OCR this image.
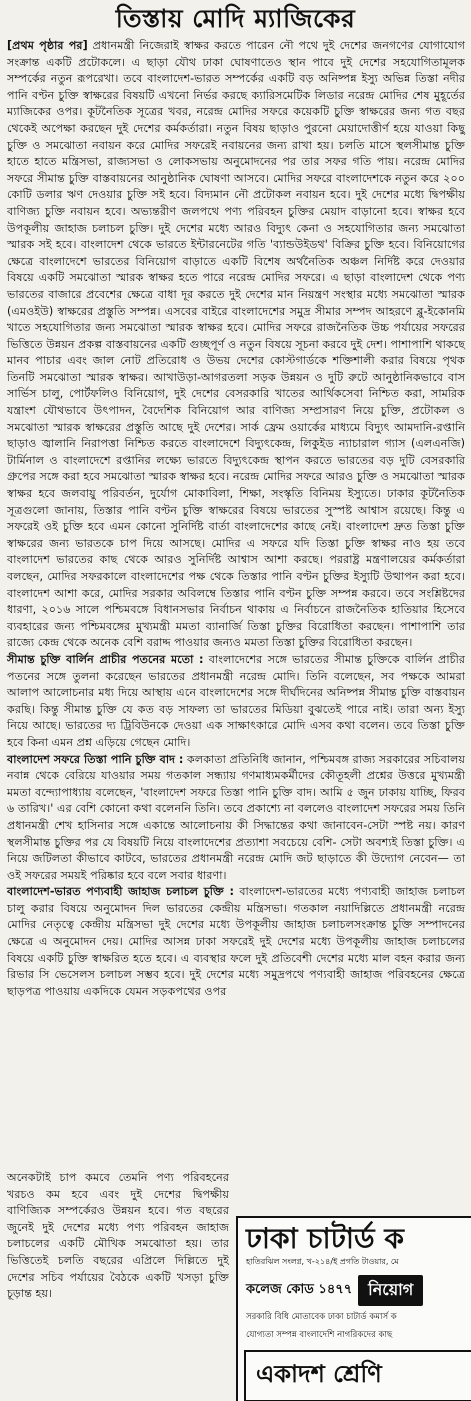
তিস্তায় মোদি ম্যাজিকের

[প্রথম পৃষ্ঠার পর] প্রধানমন্ত্রী নিজেরাই স্বাক্ষর করতে পারেন নৌ পথে দুই দেশের জনগণের যোগাযোগ সংক্রান্ত একটি প্রটোকলে। এ ছাড়া যৌথ ঢাকা ঘোষণাতেও স্থান পাবে দুই দেশের সহযোগিতামূলক সম্পর্কের নতুন রূপরেখা। তবে বাংলাদেশ-ভারত সম্পর্কের একটি বড় অনিষ্পন্ন ইস্যু অভিন্ন তিস্তা নদীর পানি বণ্টন চুক্তি স্বাক্ষরের বিষয়টি এখনো নির্ভর করছে ক্যারিসমেটিক লিডার নরেন্দ্র মোদির শেষ মুহূর্তের ম্যাজিকের ওপর। কূটনৈতিক সূত্রের খবর, নরেন্দ্র মোদির সফরে কয়েকটি চুক্তি স্বাক্ষরের জন্য গত বছর থেকেই অপেক্ষা করছেন দুই দেশের কর্মকর্তারা। নতুন বিষয় ছাড়াও পুরনো মেয়াদোত্তীর্ণ হয়ে যাওয়া কিছু চুক্তি ও সমঝোতা নবায়ন করে মোদির সফরেই নবায়নের জন্য রাখা হয়। চলতি মাসে স্থলসীমান্ত চুক্তি হাতে হাতে মন্ত্রিসভা, রাজ্যসভা ও লোকসভায় অনুমোদনের পর তার সফর গতি পায়। নরেন্দ্র মোদির সফরে সীমান্ত চুক্তি বাস্তবায়নের আনুষ্ঠানিক ঘোষণা আসবে। মোদির সফরে বাংলাদেশকে নতুন করে ২০০ কোটি ডলার ঋণ দেওয়ার চুক্তি সই হবে। বিদ্যমান নৌ প্রটোকল নবায়ন হবে। দুই দেশের মধ্যে দ্বিপক্ষীয় বাণিজ্য চুক্তি নবায়ন হবে। অভ্যন্তরীণ জলপথে পণ্য পরিবহন চুক্তির মেয়াদ বাড়ানো হবে। স্বাক্ষর হবে উপকূলীয় জাহাজ চলাচল চুক্তি। দুই দেশের মধ্যে আরও বিদ্যুৎ কেনা ও সহযোগিতার জন্য সমঝোতা স্মারক সই হবে। বাংলাদেশ থেকে ভারতে ইন্টারনেটের গতি 'ব্যান্ডউইডথ' বিক্রির চুক্তি হবে। বিনিয়োগের ক্ষেত্রে বাংলাদেশে ভারতের বিনিয়োগ বাড়াতে একটি বিশেষ অর্থনৈতিক অঞ্চল নির্দিষ্ট করে দেওয়ার বিষয়ে একটি সমঝোতা স্মারক স্বাক্ষর হতে পারে নরেন্দ্র মোদির সফরে। এ ছাড়া বাংলাদেশ থেকে পণ্য ভারতের বাজারে প্রবেশের ক্ষেত্রে বাধা দূর করতে দুই দেশের মান নিয়ন্ত্রণ সংস্থার মধ্যে সমঝোতা স্মারক (এমওইউ) স্বাক্ষরের প্রস্তুতি সম্পন্ন। এসবের বাইরে বাংলাদেশের সমুদ্র সীমার সম্পদ আহরণে ব্লু-ইকোনমি খাতে সহযোগিতার জন্য সমঝোতা স্মারক স্বাক্ষর হবে। মোদির সফরে রাজনৈতিক উচ্চ পর্যায়ের সফরের ভিত্তিতে উন্নয়ন প্রকল্প বাস্তবায়নের একটি গুচ্ছপূর্ণ ও নতুন বিষয়ে সূচনা করবে দুই দেশ। পাশাপাশি থাকছে মানব পাচার এবং জাল নোট প্রতিরোধ ও উভয় দেশের কোস্টগার্ডকে শক্তিশালী করার বিষয়ে পৃথক তিনটি সমঝোতা স্মারক স্বাক্ষর। আখাউড়া-আগরতলা সড়ক উন্নয়ন ও দুটি রুটে আনুষ্ঠানিকভাবে বাস সার্ভিস চালু, পোর্টফলিও বিনিয়োগ, দুই দেশের বেসরকারি খাতের আর্থিকসেবা নিশ্চিত করা, সামরিক যন্ত্রাংশ যৌথভাবে উৎপাদন, বৈদেশিক বিনিয়োগ আর বাণিজ্য সম্প্রসারণ নিয়ে চুক্তি, প্রটোকল ও সমঝোতা স্মারক স্বাক্ষরের প্রস্তুতি আছে দুই দেশের। সার্ক ফ্রেম ওয়ার্কের মাধ্যমে বিদ্যুৎ আমদানি-রপ্তানি ছাড়াও জ্বালানি নিরাপত্তা নিশ্চিত করতে বাংলাদেশে বিদ্যুৎকেন্দ্র, লিকুইড ন্যাচারাল গ্যাস (এলএনজি) টার্মিনাল ও বাংলাদেশে রপ্তানির লক্ষ্যে ভারতে বিদ্যুৎকেন্দ্র স্থাপন করতে ভারতের বড় দুটি বেসরকারি গ্রুপের সঙ্গে করা হবে সমঝোতা স্মারক স্বাক্ষর হবে। নরেন্দ্র মোদির সফরে আরও চুক্তি ও সমঝোতা স্মারক স্বাক্ষর হবে জলবায়ু পরিবর্তন, দুর্যোগ মোকাবিলা, শিক্ষা, সংস্কৃতি বিনিময় ইস্যুতে। ঢাকার কূটনৈতিক সূত্রগুলো জানায়, তিস্তার পানি বণ্টন চুক্তি স্বাক্ষরের বিষয়ে ভারতের সুস্পষ্ট আশ্বাস রয়েছে। কিন্তু এ সফরেই ওই চুক্তি হবে এমন কোনো সুনির্দিষ্ট বার্তা বাংলাদেশের কাছে নেই। বাংলাদেশ দ্রুত তিস্তা চুক্তি স্বাক্ষরের জন্য ভারতকে চাপ দিয়ে আসছে। মোদির এ সফরে যদি তিস্তা চুক্তি স্বাক্ষর নাও হয় তবে বাংলাদেশ ভারতের কাছ থেকে আরও সুনির্দিষ্ট আশ্বাস আশা করছে। পররাষ্ট্র মন্ত্রণালয়ের কর্মকর্তারা বলছেন, মোদির সফরকালে বাংলাদেশের পক্ষ থেকে তিস্তার পানি বণ্টন চুক্তির ইস্যুটি উত্থাপন করা হবে। বাংলাদেশ আশা করে, মোদির সরকার অবিলম্বে তিস্তার পানি বণ্টন চুক্তি সম্পন্ন করবে। তবে সংশ্লিষ্টদের ধারণা, ২০১৬ সালে পশ্চিমবঙ্গে বিধানসভার নির্বাচন থাকায় এ নির্বাচনে রাজনৈতিক হাতিয়ার হিসেবে ব্যবহারের জন্য পশ্চিমবঙ্গের মুখ্যমন্ত্রী মমতা ব্যানার্জি তিস্তা চুক্তির বিরোধিতা করছেন। পাশাপাশি তার রাজ্যে কেন্দ্র থেকে অনেক বেশি বরাদ্দ পাওয়ার জন্যও মমতা তিস্তা চুক্তির বিরোধিতা করছেন।

সীমান্ত চুক্তি বার্লিন প্রাচীর পতনের মতো : বাংলাদেশের সঙ্গে ভারতের সীমান্ত চুক্তিকে বার্লিন প্রাচীর পতনের সঙ্গে তুলনা করেছেন ভারতের প্রধানমন্ত্রী নরেন্দ্র মোদি। তিনি বলেছেন, সব পক্ষকে আমরা আলাপ আলোচনার মধ্য দিয়ে আস্থায় এনে বাংলাদেশের সঙ্গে দীর্ঘদিনের অনিষ্পন্ন সীমান্ত চুক্তি বাস্তবায়ন করছি। কিন্তু সীমান্ত চুক্তি যে কত বড় সাফল্য তা ভারতের মিডিয়া বুঝতেই পারে নাই। তারা অন্য ইস্যু নিয়ে আছে। ভারতের দ্য ট্রিবিউনকে দেওয়া এক সাক্ষাৎকারে মোদি এসব কথা বলেন। তবে তিস্তা চুক্তি হবে কিনা এমন প্রশ্ন এড়িয়ে গেছেন মোদি।

বাংলাদেশ সফরে তিস্তা পানি চুক্তি বাদ : কলকাতা প্রতিনিধি জানান, পশ্চিমবঙ্গ রাজ্য সরকারের সচিবালয় নবান্ন থেকে বেরিয়ে যাওয়ার সময় গতকাল সন্ধ্যায় গণমাধ্যমকর্মীদের কৌতূহলী প্রশ্নের উত্তরে মুখ্যমন্ত্রী মমতা বন্দ্যোপাধ্যায় বলেছেন, 'বাংলাদেশ সফরে তিস্তা পানি চুক্তি বাদ। আমি ৫ জুন ঢাকায় যাচ্ছি, ফিরব ৬ তারিখ।' এর বেশি কোনো কথা বলেননি তিনি। তবে প্রকাশ্যে না বললেও বাংলাদেশ সফরের সময় তিনি প্রধানমন্ত্রী শেখ হাসিনার সঙ্গে একান্তে আলোচনায় কী সিদ্ধান্তের কথা জানাবেন-সেটা স্পষ্ট নয়। কারণ স্থলসীমান্ত চুক্তির পর যে বিষয়টি নিয়ে বাংলাদেশের প্রত্যাশা সবচেয়ে বেশি- সেটা অবশ্যই তিস্তা চুক্তি। এ নিয়ে জটিলতা কীভাবে কাটবে, ভারতের প্রধানমন্ত্রী নরেন্দ্র মোদি জট ছাড়াতে কী উদ্যোগ নেবেন— তা ওই সফরের সময়ই পরিষ্কার হবে বলে সবার ধারণা।

বাংলাদেশ-ভারত পণ্যবাহী জাহাজ চলাচল চুক্তি : বাংলাদেশ-ভারতের মধ্যে পণ্যবাহী জাহাজ চলাচল চালু করার বিষয়ে অনুমোদন দিল ভারতের কেন্দ্রীয় মন্ত্রিসভা। গতকাল নয়াদিল্লিতে প্রধানমন্ত্রী নরেন্দ্র মোদির নেতৃত্বে কেন্দ্রীয় মন্ত্রিসভা দুই দেশের মধ্যে উপকূলীয় জাহাজ চলাচলসংক্রান্ত চুক্তি সম্পাদনের ক্ষেত্রে এ অনুমোদন দেয়। মোদির আসন্ন ঢাকা সফরেই দুই দেশের মধ্যে উপকূলীয় জাহাজ চলাচলের বিষয়ে একটি চুক্তি স্বাক্ষরিত হতে হবে। এ ব্যবস্থার ফলে দুই প্রতিবেশী দেশের মধ্যে মাল বহন করার জন্য রিভার সি ভেসেলস চলাচল সম্ভব হবে। দুই দেশের মধ্যে সমুদ্রপথে পণ্যবাহী জাহাজ পরিবহনের ক্ষেত্রে ছাড়পত্র পাওয়ায় একদিকে যেমন সড়কপথের ওপর

অনেকটাই চাপ কমবে তেমনি পণ্য পরিবহনের খরচও কম হবে এবং দুই দেশের দ্বিপক্ষীয় বাণিজ্যিক সম্পর্কেরও উন্নয়ন হবে। গত বছরের জুনেই দুই দেশের মধ্যে পণ্য পরিবহন জাহাজ চলাচলের একটি মৌখিক সমঝোতা হয়। তার ভিত্তিতেই চলতি বছরের এপ্রিলে দিল্লিতে দুই দেশের সচিব পর্যায়ের বৈঠকে একটি খসড়া চুক্তি চূড়ান্ত হয়।
ঢাকা চাটার্ড ক
হাতিরঝিল সংলগ্ন, খ-২১৪/ই প্রগতি টাওয়ার, মে
কলেজ কোড ১৪৭৭	নিয়োগ
সরকারি বিধি মোতাবেক ঢাকা চাটার্ড কমার্স ক
যোগ্যতা সম্পন্ন বাংলাদেশি নাগরিকদের কাছ
একাদশ শ্রেণি
